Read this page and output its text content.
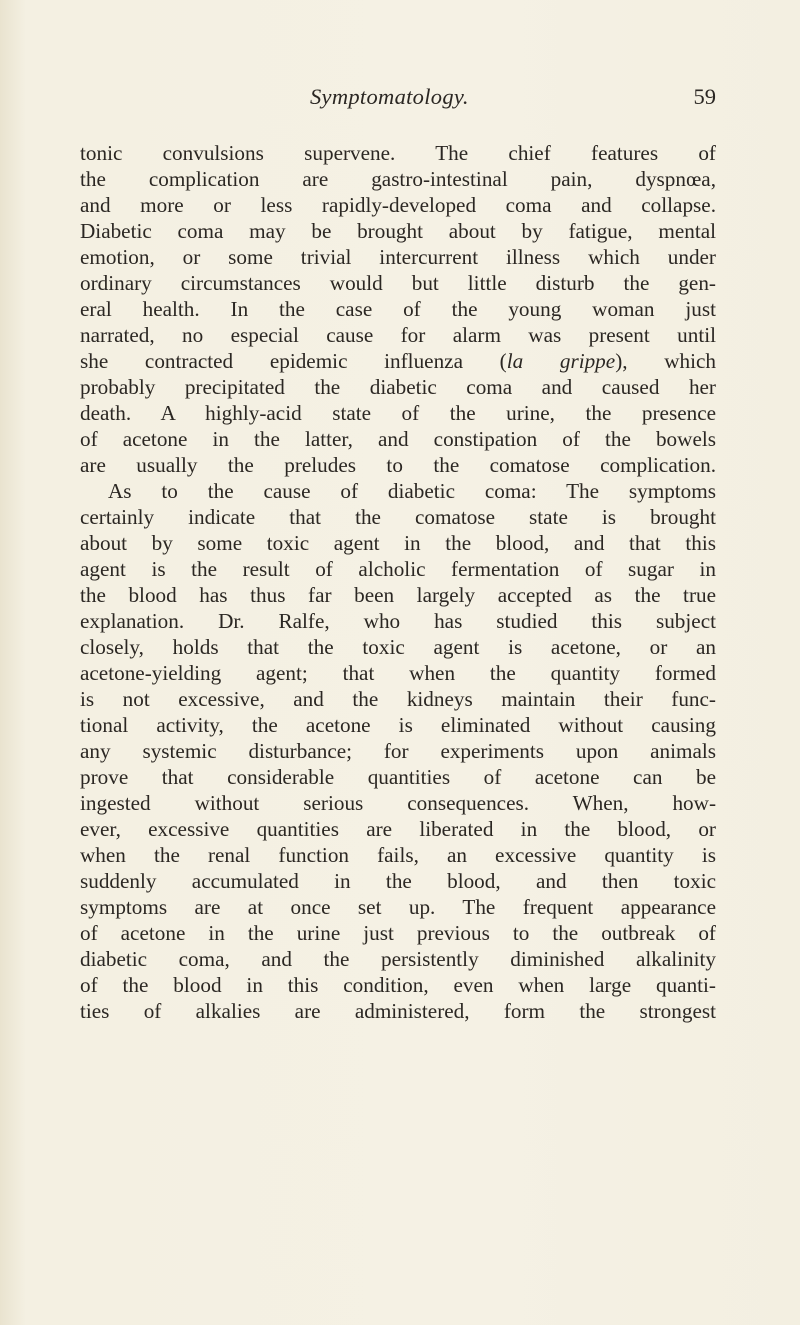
Symptomatology.	59
tonic convulsions supervene. The chief features of
the complication are gastro-intestinal pain, dyspnœa,
and more or less rapidly-developed coma and collapse.
Diabetic coma may be brought about by fatigue, mental
emotion, or some trivial intercurrent illness which under
ordinary circumstances would but little disturb the gen-
eral health. In the case of the young woman just
narrated, no especial cause for alarm was present until
she contracted epidemic influenza (la grippe), which
probably precipitated the diabetic coma and caused her
death. A highly-acid state of the urine, the presence
of acetone in the latter, and constipation of the bowels
are usually the preludes to the comatose complication.
As to the cause of diabetic coma: The symptoms
certainly indicate that the comatose state is brought
about by some toxic agent in the blood, and that this
agent is the result of alcholic fermentation of sugar in
the blood has thus far been largely accepted as the true
explanation. Dr. Ralfe, who has studied this subject
closely, holds that the toxic agent is acetone, or an
acetone-yielding agent; that when the quantity formed
is not excessive, and the kidneys maintain their func-
tional activity, the acetone is eliminated without causing
any systemic disturbance; for experiments upon animals
prove that considerable quantities of acetone can be
ingested without serious consequences. When, how-
ever, excessive quantities are liberated in the blood, or
when the renal function fails, an excessive quantity is
suddenly accumulated in the blood, and then toxic
symptoms are at once set up. The frequent appearance
of acetone in the urine just previous to the outbreak of
diabetic coma, and the persistently diminished alkalinity
of the blood in this condition, even when large quanti-
ties of alkalies are administered, form the strongest
